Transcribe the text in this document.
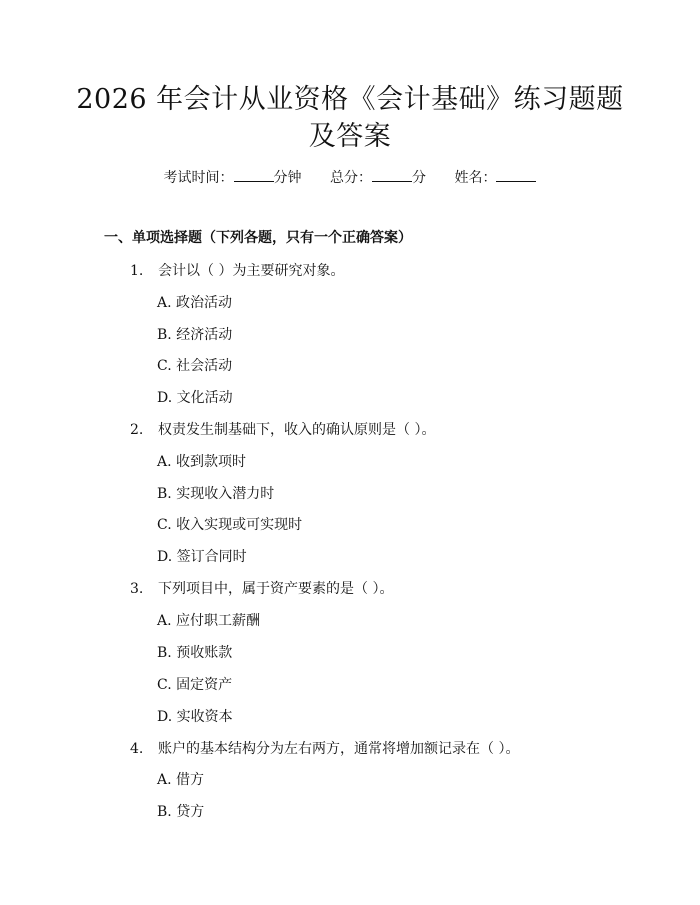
2026 年会计从业资格《会计基础》练习题题
及答案
考试时间：	分钟 总分：	分 姓名：
一、单项选择题（下列各题，只有一个正确答案）
1. 会计以（ ）为主要研究对象。
A. 政治活动
B. 经济活动
C. 社会活动
D. 文化活动
2. 权责发生制基础下，收入的确认原则是（ ）。
A. 收到款项时
B. 实现收入潜力时
C. 收入实现或可实现时
D. 签订合同时
3. 下列项目中，属于资产要素的是（ ）。
A. 应付职工薪酬
B. 预收账款
C. 固定资产
D. 实收资本
4. 账户的基本结构分为左右两方，通常将增加额记录在（ ）。
A. 借方
B. 贷方
